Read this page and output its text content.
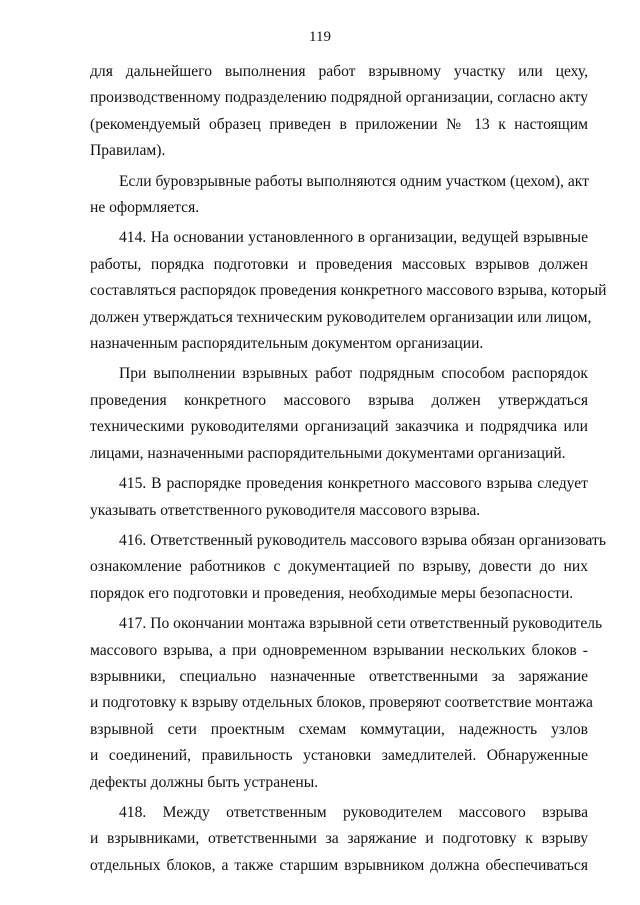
119
для дальнейшего выполнения работ взрывному участку или цеху,
производственному подразделению подрядной организации, согласно акту
(рекомендуемый образец приведен в приложении № 13 к настоящим
Правилам).
Если буровзрывные работы выполняются одним участком (цехом), акт
не оформляется.
414. На основании установленного в организации, ведущей взрывные
работы, порядка подготовки и проведения массовых взрывов должен
составляться распорядок проведения конкретного массового взрыва, который
должен утверждаться техническим руководителем организации или лицом,
назначенным распорядительным документом организации.
При выполнении взрывных работ подрядным способом распорядок
проведения конкретного массового взрыва должен утверждаться
техническими руководителями организаций заказчика и подрядчика или
лицами, назначенными распорядительными документами организаций.
415. В распорядке проведения конкретного массового взрыва следует
указывать ответственного руководителя массового взрыва.
416. Ответственный руководитель массового взрыва обязан организовать
ознакомление работников с документацией по взрыву, довести до них
порядок его подготовки и проведения, необходимые меры безопасности.
417. По окончании монтажа взрывной сети ответственный руководитель
массового взрыва, а при одновременном взрывании нескольких блоков -
взрывники, специально назначенные ответственными за заряжание
и подготовку к взрыву отдельных блоков, проверяют соответствие монтажа
взрывной сети проектным схемам коммутации, надежность узлов
и соединений, правильность установки замедлителей. Обнаруженные
дефекты должны быть устранены.
418. Между ответственным руководителем массового взрыва
и взрывниками, ответственными за заряжание и подготовку к взрыву
отдельных блоков, а также старшим взрывником должна обеспечиваться
